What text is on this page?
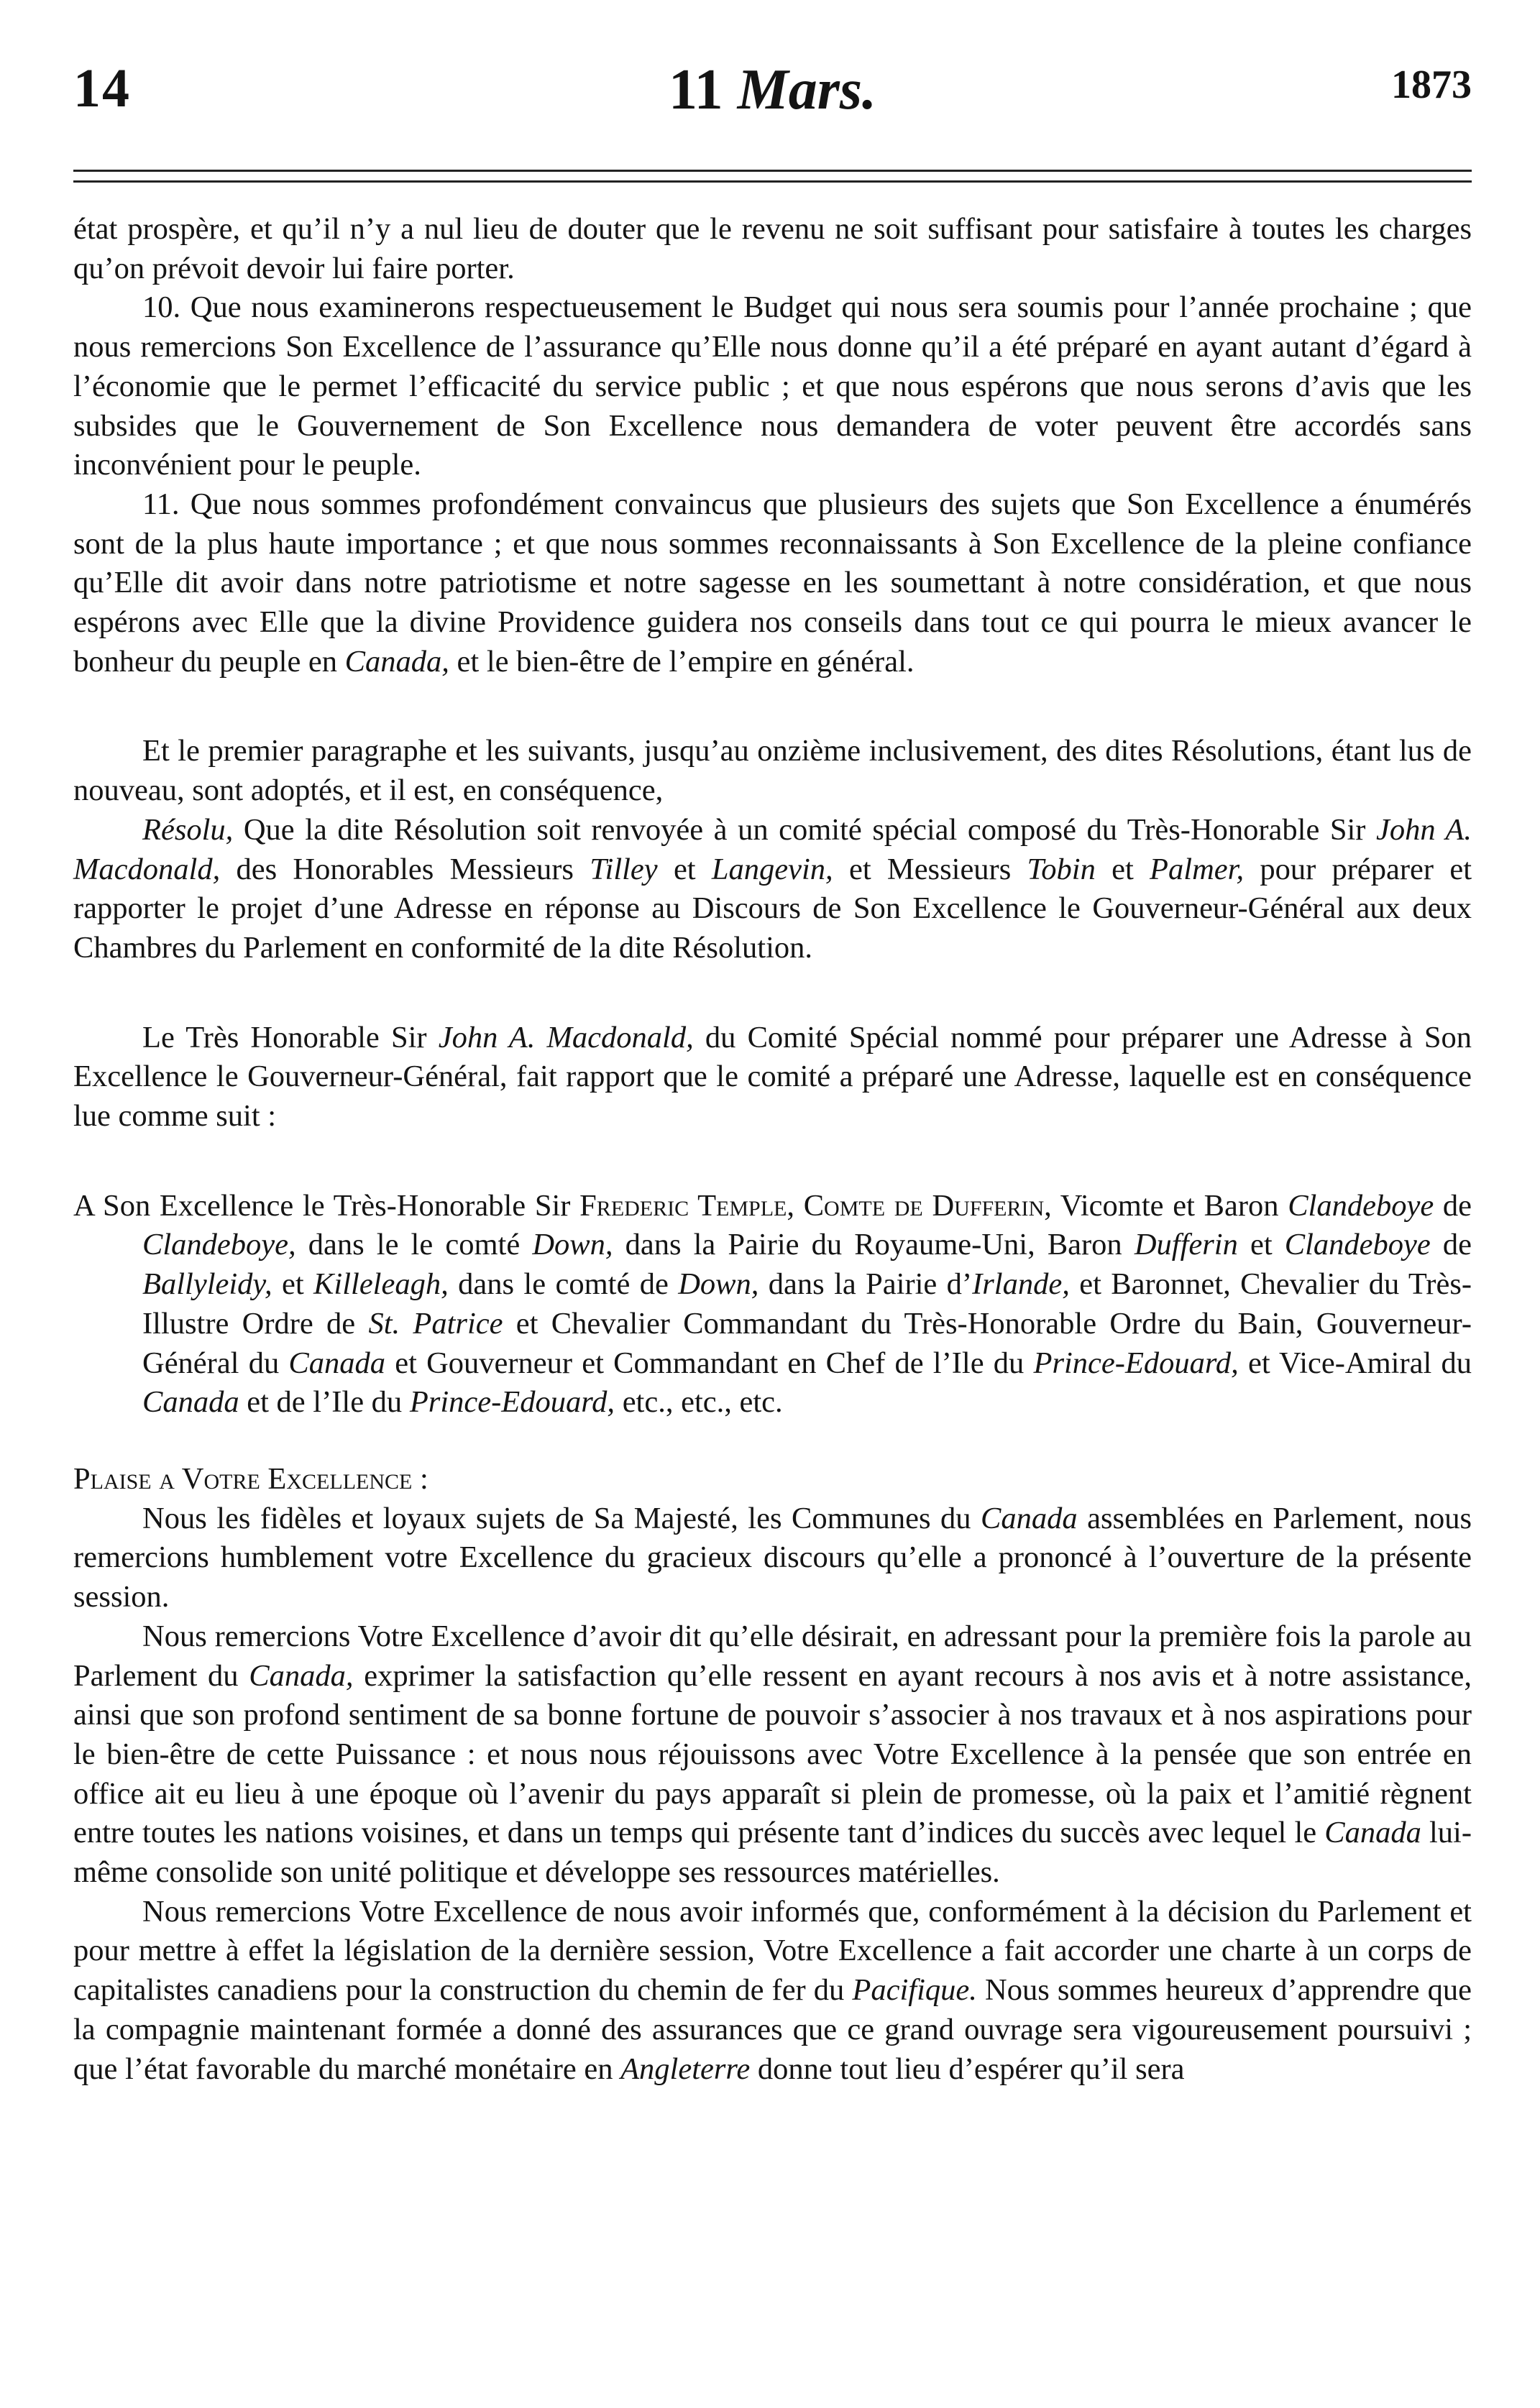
14	11 Mars.	1873

état prospère, et qu’il n’y a nul lieu de douter que le revenu ne soit suffisant pour satisfaire à toutes les charges qu’on prévoit devoir lui faire porter.

10. Que nous examinerons respectueusement le Budget qui nous sera soumis pour l’année prochaine ; que nous remercions Son Excellence de l’assurance qu’Elle nous donne qu’il a été préparé en ayant autant d’égard à l’économie que le permet l’efficacité du service public ; et que nous espérons que nous serons d’avis que les subsides que le Gouvernement de Son Excellence nous demandera de voter peuvent être accordés sans inconvénient pour le peuple.

11. Que nous sommes profondément convaincus que plusieurs des sujets que Son Excellence a énumérés sont de la plus haute importance ; et que nous sommes reconnaissants à Son Excellence de la pleine confiance qu’Elle dit avoir dans notre patriotisme et notre sagesse en les soumettant à notre considération, et que nous espérons avec Elle que la divine Providence guidera nos conseils dans tout ce qui pourra le mieux avancer le bonheur du peuple en Canada, et le bien-être de l’empire en général.

Et le premier paragraphe et les suivants, jusqu’au onzième inclusivement, des dites Résolutions, étant lus de nouveau, sont adoptés, et il est, en conséquence,

Résolu, Que la dite Résolution soit renvoyée à un comité spécial composé du Très-Honorable Sir John A. Macdonald, des Honorables Messieurs Tilley et Langevin, et Messieurs Tobin et Palmer, pour préparer et rapporter le projet d’une Adresse en réponse au Discours de Son Excellence le Gouverneur-Général aux deux Chambres du Parlement en conformité de la dite Résolution.

Le Très Honorable Sir John A. Macdonald, du Comité Spécial nommé pour préparer une Adresse à Son Excellence le Gouverneur-Général, fait rapport que le comité a préparé une Adresse, laquelle est en conséquence lue comme suit :

A Son Excellence le Très-Honorable Sir Frederic Temple, Comte de Dufferin, Vicomte et Baron Clandeboye de Clandeboye, dans le le comté Down, dans la Pairie du Royaume-Uni, Baron Dufferin et Clandeboye de Ballyleidy, et Killeleagh, dans le comté de Down, dans la Pairie d’Irlande, et Baronnet, Chevalier du Très-Illustre Ordre de St. Patrice et Chevalier Commandant du Très-Honorable Ordre du Bain, Gouverneur-Général du Canada et Gouverneur et Commandant en Chef de l’Ile du Prince-Edouard, et Vice-Amiral du Canada et de l’Ile du Prince-Edouard, etc., etc., etc.

Plaise a Votre Excellence :

Nous les fidèles et loyaux sujets de Sa Majesté, les Communes du Canada assemblées en Parlement, nous remercions humblement votre Excellence du gracieux discours qu’elle a prononcé à l’ouverture de la présente session.

Nous remercions Votre Excellence d’avoir dit qu’elle désirait, en adressant pour la première fois la parole au Parlement du Canada, exprimer la satisfaction qu’elle ressent en ayant recours à nos avis et à notre assistance, ainsi que son profond sentiment de sa bonne fortune de pouvoir s’associer à nos travaux et à nos aspirations pour le bien-être de cette Puissance : et nous nous réjouissons avec Votre Excellence à la pensée que son entrée en office ait eu lieu à une époque où l’avenir du pays apparaît si plein de promesse, où la paix et l’amitié règnent entre toutes les nations voisines, et dans un temps qui présente tant d’indices du succès avec lequel le Canada lui-même consolide son unité politique et développe ses ressources matérielles.

Nous remercions Votre Excellence de nous avoir informés que, conformément à la décision du Parlement et pour mettre à effet la législation de la dernière session, Votre Excellence a fait accorder une charte à un corps de capitalistes canadiens pour la construction du chemin de fer du Pacifique. Nous sommes heureux d’apprendre que la compagnie maintenant formée a donné des assurances que ce grand ouvrage sera vigoureusement poursuivi ; que l’état favorable du marché monétaire en Angleterre donne tout lieu d’espérer qu’il sera
